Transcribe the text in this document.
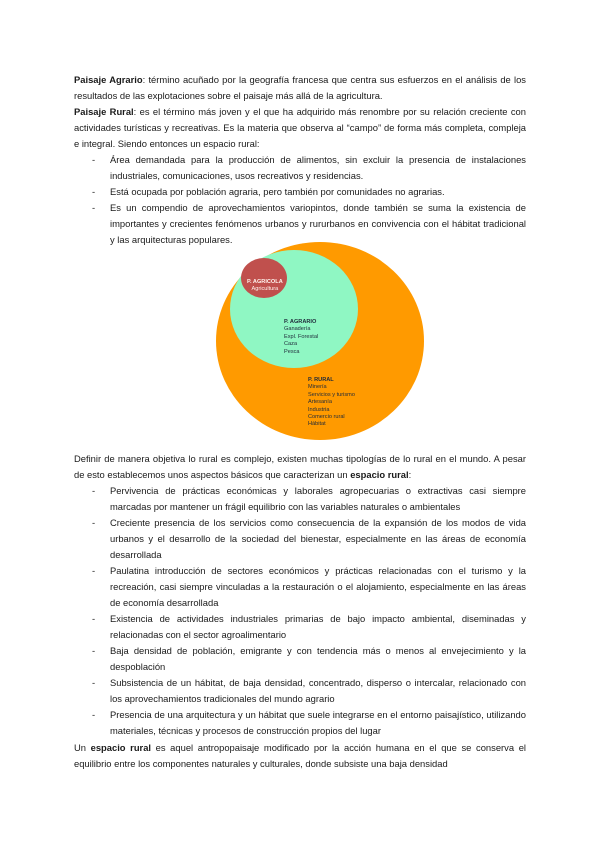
Paisaje Agrario: término acuñado por la geografía francesa que centra sus esfuerzos en el análisis de los resultados de las explotaciones sobre el paisaje más allá de la agricultura.

Paisaje Rural: es el término más joven y el que ha adquirido más renombre por su relación creciente con actividades turísticas y recreativas. Es la materia que observa al “campo” de forma más completa, compleja e integral. Siendo entonces un espacio rural:

- Área demandada para la producción de alimentos, sin excluir la presencia de instalaciones industriales, comunicaciones, usos recreativos y residencias.
- Está ocupada por población agraria, pero también por comunidades no agrarias.
- Es un compendio de aprovechamientos variopintos, donde también se suma la existencia de importantes y crecientes fenómenos urbanos y rururbanos en convivencia con el hábitat tradicional y las arquitecturas populares.
P. AGRICOLA
Agricultura
P. AGRARIO
Ganadería
Expl. Forestal
Caza
Pesca
P. RURAL
Minería
Servicios y turismo
Artesanía
Industria
Comercio rural
Hábitat

Definir de manera objetiva lo rural es complejo, existen muchas tipologías de lo rural en el mundo. A pesar de esto establecemos unos aspectos básicos que caracterizan un espacio rural:

- Pervivencia de prácticas económicas y laborales agropecuarias o extractivas casi siempre marcadas por mantener un frágil equilibrio con las variables naturales o ambientales
- Creciente presencia de los servicios como consecuencia de la expansión de los modos de vida urbanos y el desarrollo de la sociedad del bienestar, especialmente en las áreas de economía desarrollada
- Paulatina introducción de sectores económicos y prácticas relacionadas con el turismo y la recreación, casi siempre vinculadas a la restauración o el alojamiento, especialmente en las áreas de economía desarrollada
- Existencia de actividades industriales primarias de bajo impacto ambiental, diseminadas y relacionadas con el sector agroalimentario
- Baja densidad de población, emigrante y con tendencia más o menos al envejecimiento y la despoblación
- Subsistencia de un hábitat, de baja densidad, concentrado, disperso o intercalar, relacionado con los aprovechamientos tradicionales del mundo agrario
- Presencia de una arquitectura y un hábitat que suele integrarse en el entorno paisajístico, utilizando materiales, técnicas y procesos de construcción propios del lugar

Un espacio rural es aquel antropopaisaje modificado por la acción humana en el que se conserva el equilibrio entre los componentes naturales y culturales, donde subsiste una baja densidad
